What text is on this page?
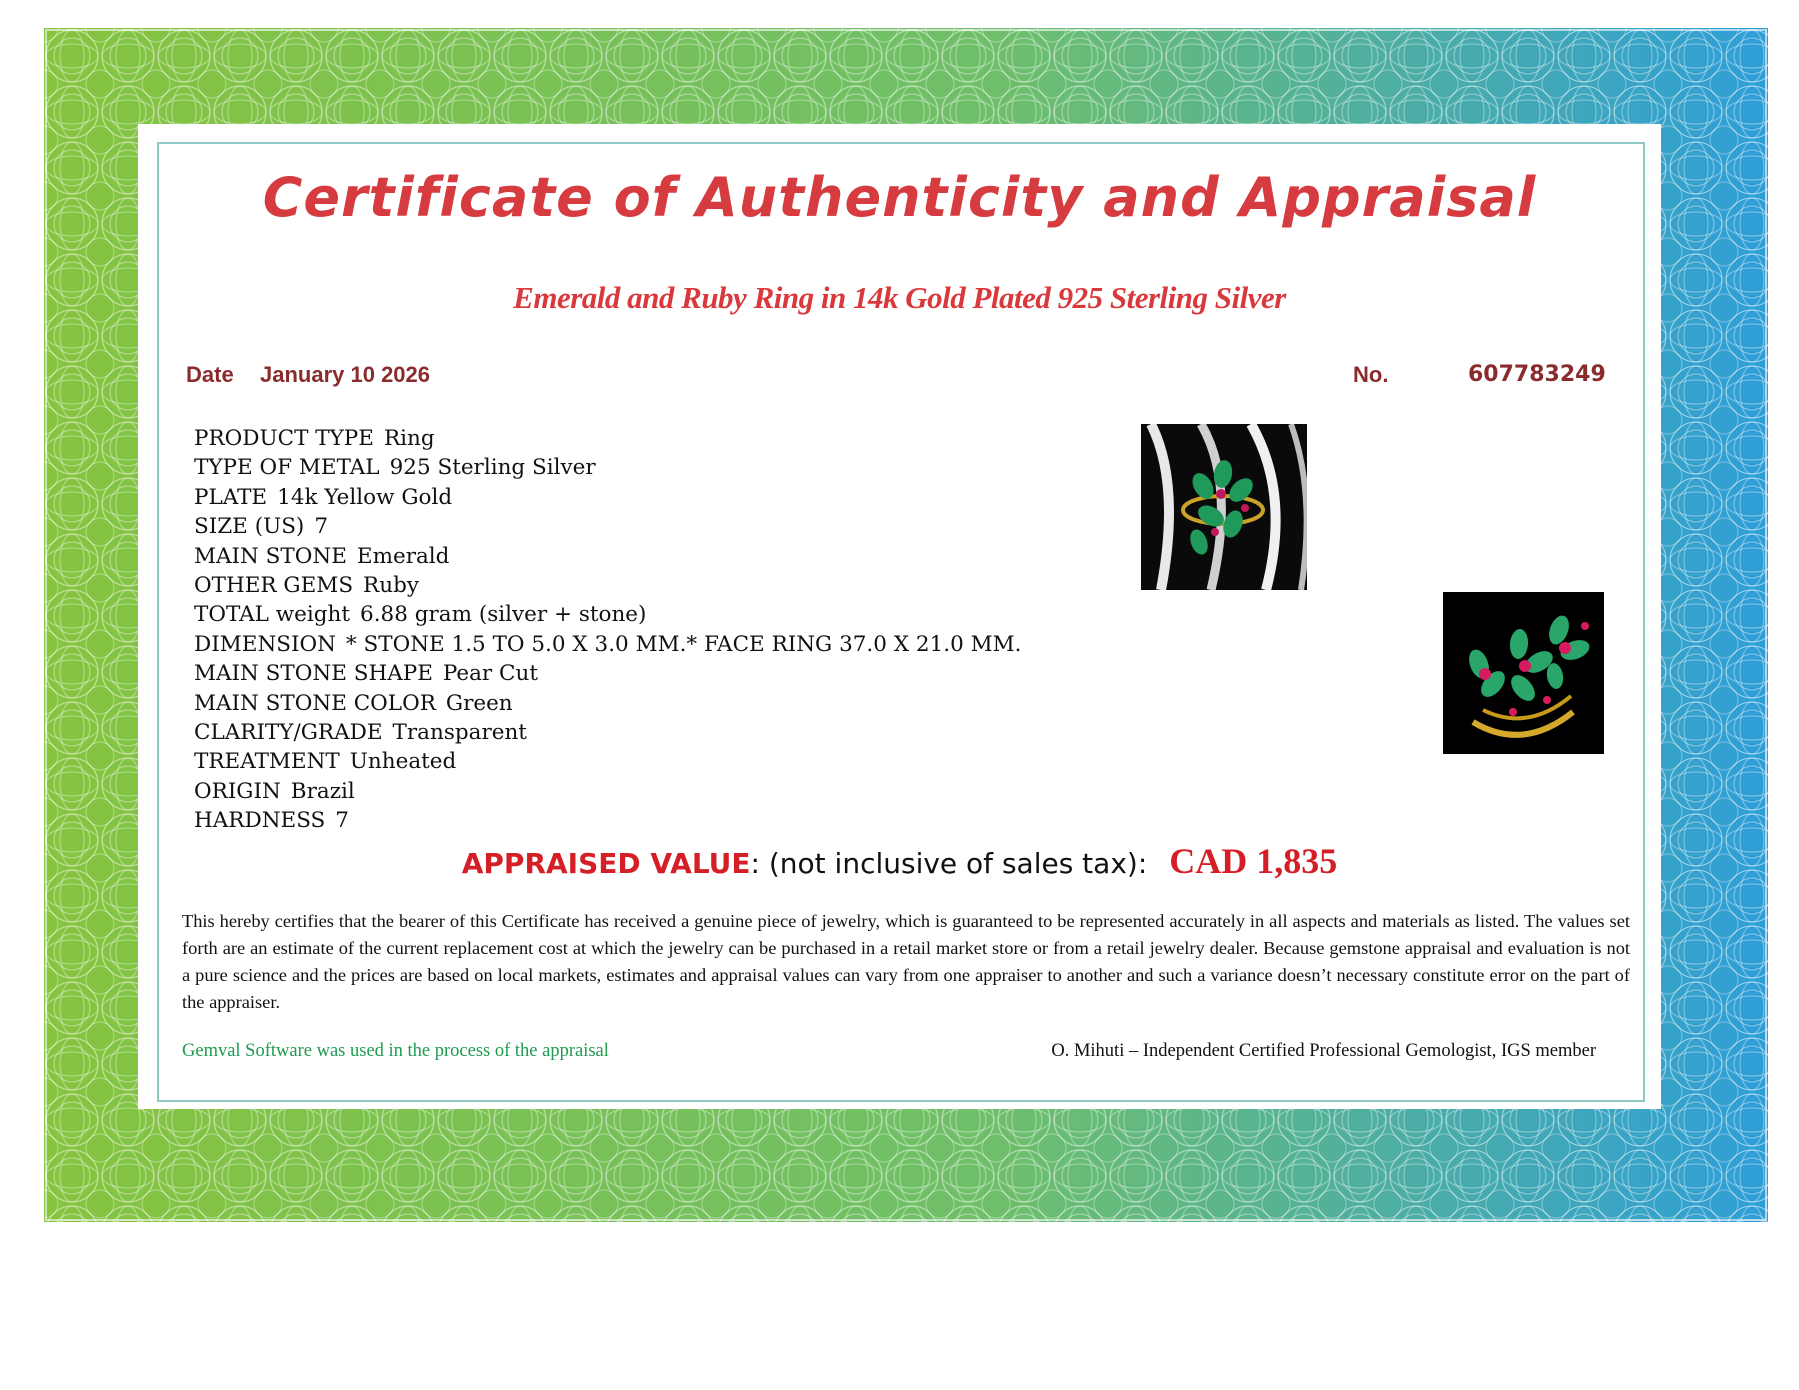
Certificate of Authenticity and Appraisal
Emerald and Ruby Ring in 14k Gold Plated 925 Sterling Silver
Date January 10 2026	No.	607783249
PRODUCT TYPE Ring
TYPE OF METAL 925 Sterling Silver
PLATE 14k Yellow Gold
SIZE (US) 7
MAIN STONE Emerald
OTHER GEMS Ruby
TOTAL weight 6.88 gram (silver + stone)
DIMENSION * STONE 1.5 TO 5.0 X 3.0 MM.* FACE RING 37.0 X 21.0 MM.
MAIN STONE SHAPE Pear Cut
MAIN STONE COLOR Green
CLARITY/GRADE Transparent
TREATMENT Unheated
ORIGIN Brazil
HARDNESS 7
APPRAISED VALUE: (not inclusive of sales tax): CAD 1,835

This hereby certifies that the bearer of this Certificate has received a genuine piece of jewelry, which is guaranteed to be represented accurately in all aspects and materials as listed. The values set forth are an estimate of the current replacement cost at which the jewelry can be purchased in a retail market store or from a retail jewelry dealer. Because gemstone appraisal and evaluation is not a pure science and the prices are based on local markets, estimates and appraisal values can vary from one appraiser to another and such a variance doesn’t necessary constitute error on the part of the appraiser.

Gemval Software was used in the process of the appraisal	O. Mihuti – Independent Certified Professional Gemologist, IGS member
